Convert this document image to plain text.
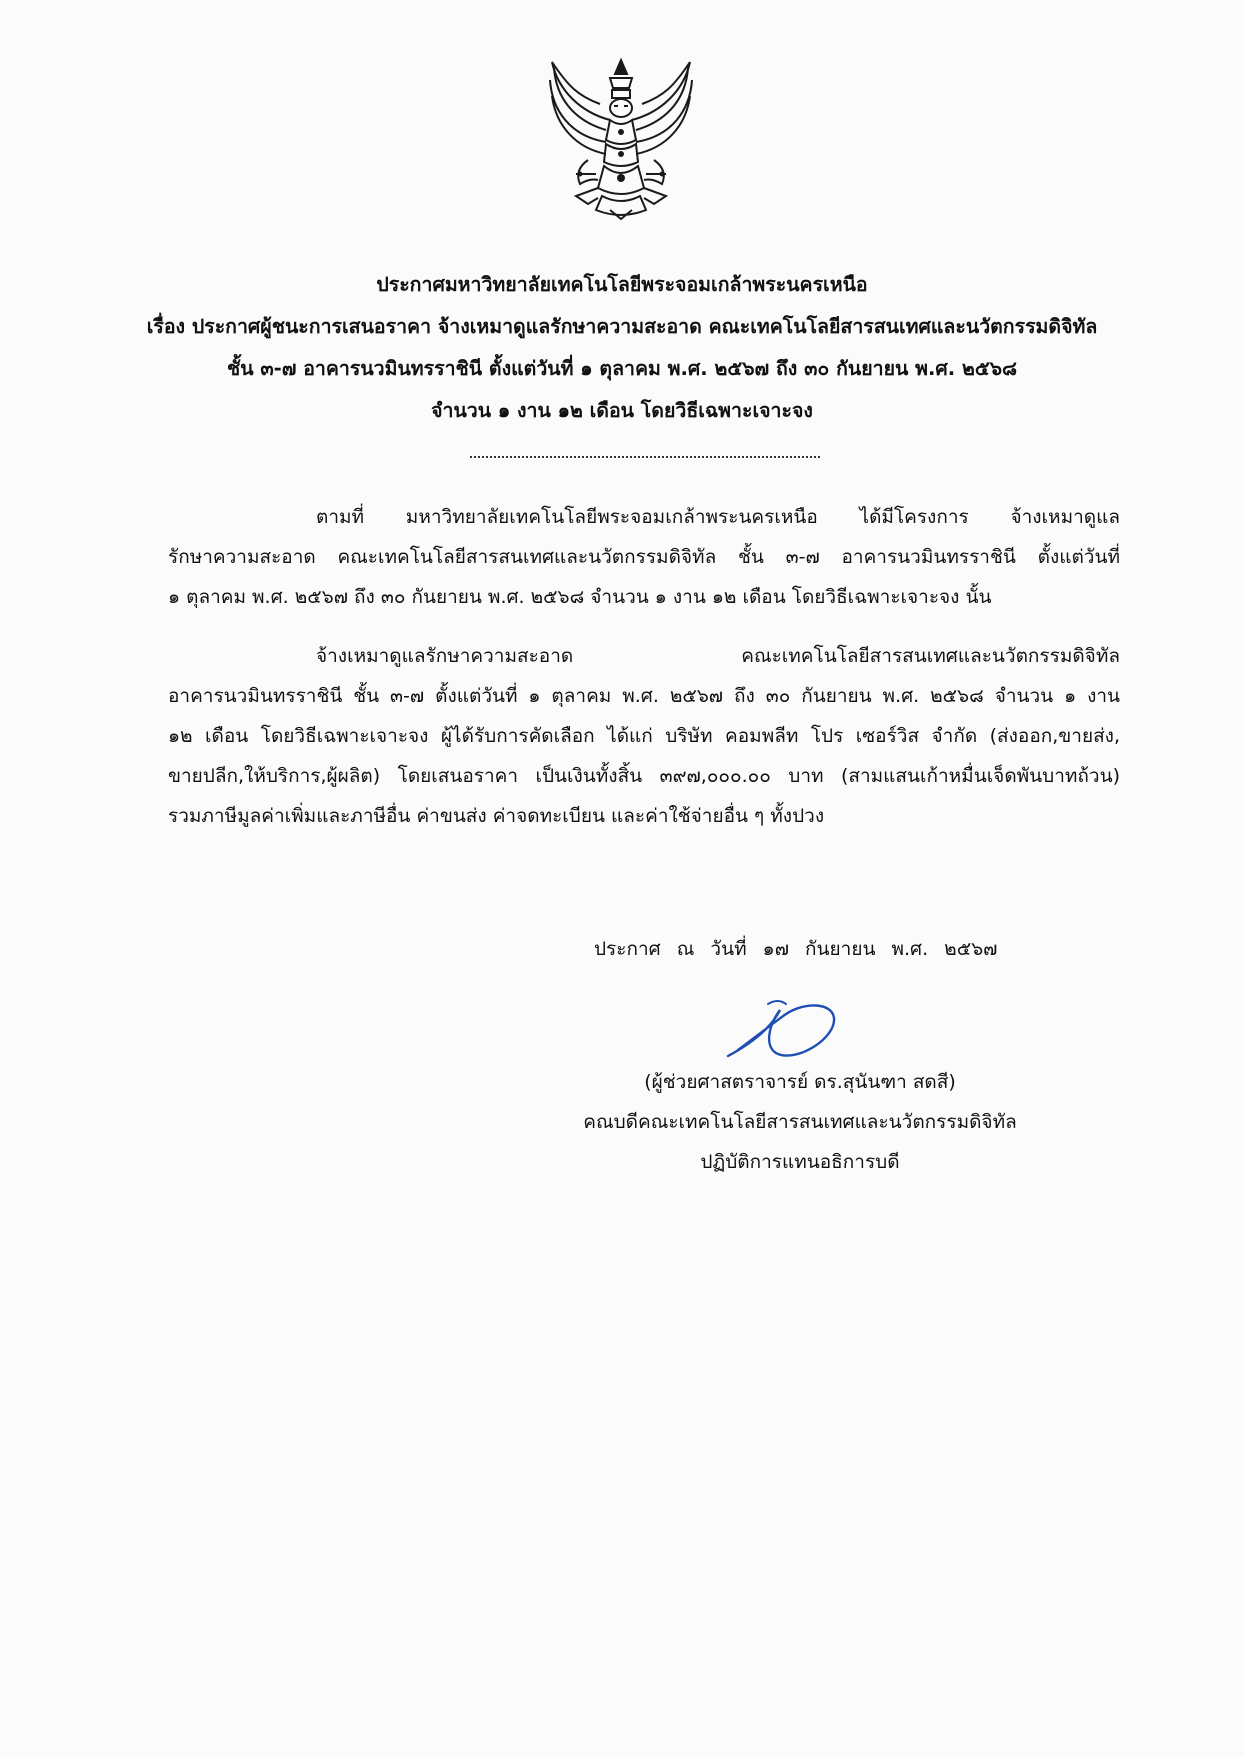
ประกาศมหาวิทยาลัยเทคโนโลยีพระจอมเกล้าพระนครเหนือ
เรื่อง ประกาศผู้ชนะการเสนอราคา จ้างเหมาดูแลรักษาความสะอาด คณะเทคโนโลยีสารสนเทศและนวัตกรรมดิจิทัล
ชั้น ๓-๗ อาคารนวมินทรราชินี ตั้งแต่วันที่ ๑ ตุลาคม พ.ศ. ๒๕๖๗ ถึง ๓๐ กันยายน พ.ศ. ๒๕๖๘
จำนวน ๑ งาน ๑๒ เดือน โดยวิธีเฉพาะเจาะจง
ตามที่ มหาวิทยาลัยเทคโนโลยีพระจอมเกล้าพระนครเหนือ ได้มีโครงการ จ้างเหมาดูแล
รักษาความสะอาด คณะเทคโนโลยีสารสนเทศและนวัตกรรมดิจิทัล ชั้น ๓-๗ อาคารนวมินทรราชินี ตั้งแต่วันที่
๑ ตุลาคม พ.ศ. ๒๕๖๗ ถึง ๓๐ กันยายน พ.ศ. ๒๕๖๘ จำนวน ๑ งาน ๑๒ เดือน โดยวิธีเฉพาะเจาะจง นั้น
จ้างเหมาดูแลรักษาความสะอาด คณะเทคโนโลยีสารสนเทศและนวัตกรรมดิจิทัล
อาคารนวมินทรราชินี ชั้น ๓-๗ ตั้งแต่วันที่ ๑ ตุลาคม พ.ศ. ๒๕๖๗ ถึง ๓๐ กันยายน พ.ศ. ๒๕๖๘ จำนวน ๑ งาน
๑๒ เดือน โดยวิธีเฉพาะเจาะจง ผู้ได้รับการคัดเลือก ได้แก่ บริษัท คอมพลีท โปร เซอร์วิส จำกัด (ส่งออก,ขายส่ง,
ขายปลีก,ให้บริการ,ผู้ผลิต) โดยเสนอราคา เป็นเงินทั้งสิ้น ๓๙๗,๐๐๐.๐๐ บาท (สามแสนเก้าหมื่นเจ็ดพันบาทถ้วน)
รวมภาษีมูลค่าเพิ่มและภาษีอื่น ค่าขนส่ง ค่าจดทะเบียน และค่าใช้จ่ายอื่น ๆ ทั้งปวง
ประกาศ ณ วันที่ ๑๗ กันยายน พ.ศ. ๒๕๖๗
(ผู้ช่วยศาสตราจารย์ ดร.สุนันฑา สดสี)
คณบดีคณะเทคโนโลยีสารสนเทศและนวัตกรรมดิจิทัล
ปฏิบัติการแทนอธิการบดี
